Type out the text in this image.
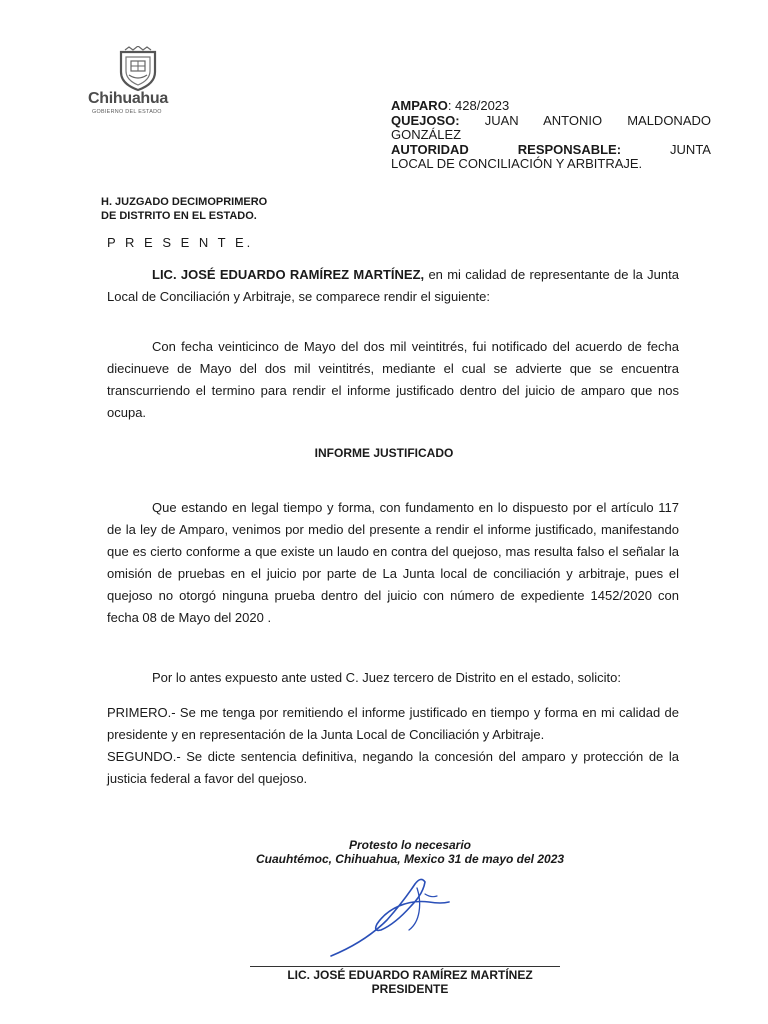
Chihuahua
GOBIERNO DEL ESTADO	AMPARO: 428/2023
QUEJOSO: JUAN ANTONIO MALDONADO
GONZÁLEZ
AUTORIDAD RESPONSABLE:	JUNTA
LOCAL DE CONCILIACIÓN Y ARBITRAJE.
H. JUZGADO DECIMOPRIMERO
DE DISTRITO EN EL ESTADO.
P R E S E N T E.

LIC. JOSÉ EDUARDO RAMÍREZ MARTÍNEZ, en mi calidad de representante de la Junta Local de Conciliación y Arbitraje, se comparece rendir el siguiente:

Con fecha veinticinco de Mayo del dos mil veintitrés, fui notificado del acuerdo de fecha diecinueve de Mayo del dos mil veintitrés, mediante el cual se advierte que se encuentra transcurriendo el termino para rendir el informe justificado dentro del juicio de amparo que nos ocupa.

INFORME JUSTIFICADO

Que estando en legal tiempo y forma, con fundamento en lo dispuesto por el artículo 117 de la ley de Amparo, venimos por medio del presente a rendir el informe justificado, manifestando que es cierto conforme a que existe un laudo en contra del quejoso, mas resulta falso el señalar la omisión de pruebas en el juicio por parte de La Junta local de conciliación y arbitraje, pues el quejoso no otorgó ninguna prueba dentro del juicio con número de expediente 1452/2020 con fecha 08 de Mayo del 2020 .

Por lo antes expuesto ante usted C. Juez tercero de Distrito en el estado, solicito:

PRIMERO.- Se me tenga por remitiendo el informe justificado en tiempo y forma en mi calidad de presidente y en representación de la Junta Local de Conciliación y Arbitraje.

SEGUNDO.- Se dicte sentencia definitiva, negando la concesión del amparo y protección de la justicia federal a favor del quejoso.

Protesto lo necesario
Cuauhtémoc, Chihuahua, Mexico 31 de mayo del 2023
LIC. JOSÉ EDUARDO RAMÍREZ MARTÍNEZ
PRESIDENTE
